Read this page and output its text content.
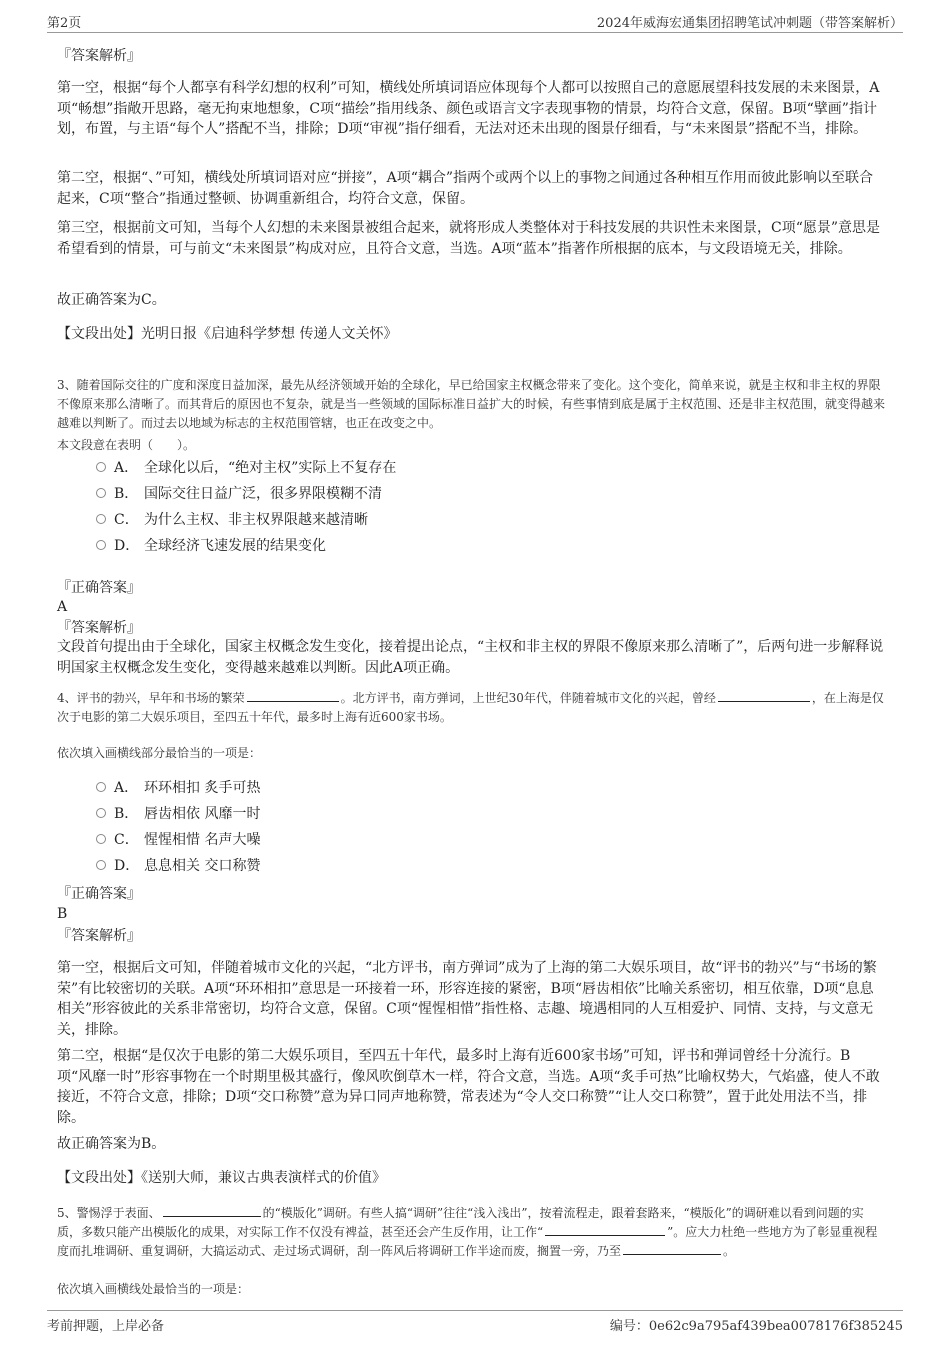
第2页	2024年威海宏通集团招聘笔试冲刺题（带答案解析）
『答案解析』
第一空，根据“每个人都享有科学幻想的权利”可知，横线处所填词语应体现每个人都可以按照自己的意愿展望科技发展的未来图景，A项“畅想”指敞开思路，毫无拘束地想象，C项“描绘”指用线条、颜色或语言文字表现事物的情景，均符合文意，保留。B项“擘画”指计划，布置，与主语“每个人”搭配不当，排除；D项“审视”指仔细看，无法对还未出现的图景仔细看，与“未来图景”搭配不当，排除。
第二空，根据“、”可知，横线处所填词语对应“拼接”，A项“耦合”指两个或两个以上的事物之间通过各种相互作用而彼此影响以至联合起来，C项“整合”指通过整顿、协调重新组合，均符合文意，保留。
第三空，根据前文可知，当每个人幻想的未来图景被组合起来，就将形成人类整体对于科技发展的共识性未来图景，C项“愿景”意思是希望看到的情景，可与前文“未来图景”构成对应，且符合文意，当选。A项“蓝本”指著作所根据的底本，与文段语境无关，排除。
故正确答案为C。
【文段出处】光明日报《启迪科学梦想 传递人文关怀》
3、随着国际交往的广度和深度日益加深，最先从经济领域开始的全球化，早已给国家主权概念带来了变化。这个变化，简单来说，就是主权和非主权的界限不像原来那么清晰了。而其背后的原因也不复杂，就是当一些领域的国际标准日益扩大的时候，有些事情到底是属于主权范围、还是非主权范围，就变得越来越难以判断了。而过去以地域为标志的主权范围管辖，也正在改变之中。
本文段意在表明（　　）。
A． 全球化以后，“绝对主权”实际上不复存在
B． 国际交往日益广泛，很多界限模糊不清
C． 为什么主权、非主权界限越来越清晰
D． 全球经济飞速发展的结果变化
『正确答案』
A
『答案解析』
文段首句提出由于全球化，国家主权概念发生变化，接着提出论点，“主权和非主权的界限不像原来那么清晰了”，后两句进一步解释说明国家主权概念发生变化，变得越来越难以判断。因此A项正确。
4、评书的勃兴，早年和书场的繁荣	。北方评书，南方弹词，上世纪30年代，伴随着城市文化的兴起，曾经	，在上海是仅次于电影的第二大娱乐项目，至四五十年代，最多时上海有近600家书场。
依次填入画横线部分最恰当的一项是：
A． 环环相扣 炙手可热
B． 唇齿相依 风靡一时
C． 惺惺相惜 名声大噪
D． 息息相关 交口称赞
『正确答案』
B
『答案解析』
第一空，根据后文可知，伴随着城市文化的兴起，“北方评书，南方弹词”成为了上海的第二大娱乐项目，故“评书的勃兴”与“书场的繁荣”有比较密切的关联。A项“环环相扣”意思是一环接着一环，形容连接的紧密，B项“唇齿相依”比喻关系密切，相互依靠，D项“息息相关”形容彼此的关系非常密切，均符合文意，保留。C项“惺惺相惜”指性格、志趣、境遇相同的人互相爱护、同情、支持，与文意无关，排除。
第二空，根据“是仅次于电影的第二大娱乐项目，至四五十年代，最多时上海有近600家书场”可知，评书和弹词曾经十分流行。B项“风靡一时”形容事物在一个时期里极其盛行，像风吹倒草木一样，符合文意，当选。A项“炙手可热”比喻权势大，气焰盛，使人不敢接近，不符合文意，排除；D项“交口称赞”意为异口同声地称赞，常表述为“令人交口称赞”“让人交口称赞”，置于此处用法不当，排除。
故正确答案为B。
【文段出处】《送别大师，兼议古典表演样式的价值》
5、警惕浮于表面、	的“模版化”调研。有些人搞“调研”往往“浅入浅出”，按着流程走，跟着套路来，“模版化”的调研难以看到问题的实质，多数只能产出模版化的成果，对实际工作不仅没有裨益，甚至还会产生反作用，让工作“	”。应大力杜绝一些地方为了彰显重视程度而扎堆调研、重复调研，大搞运动式、走过场式调研，刮一阵风后将调研工作半途而废，搁置一旁，乃至	。
依次填入画横线处最恰当的一项是：
考前押题，上岸必备	编号：0e62c9a795af439bea0078176f385245
